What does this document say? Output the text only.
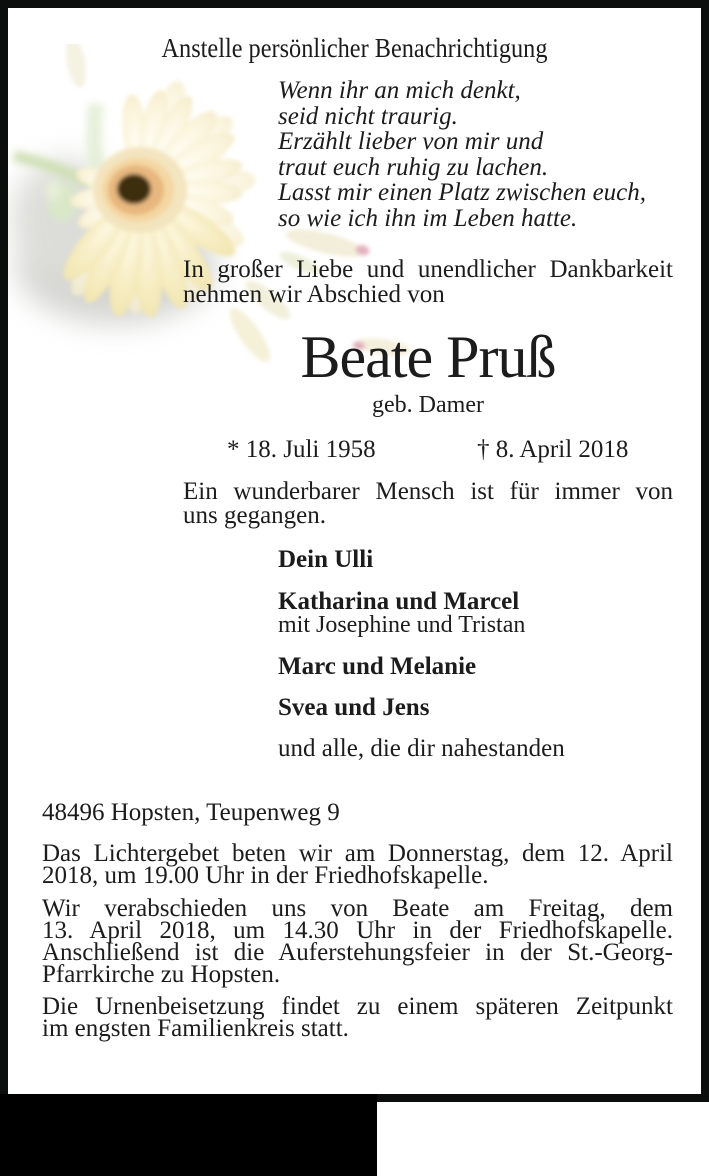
Anstelle persönlicher Benachrichtigung
Wenn ihr an mich denkt,
seid nicht traurig.
Erzählt lieber von mir und
traut euch ruhig zu lachen.
Lasst mir einen Platz zwischen euch,
so wie ich ihn im Leben hatte.
In großer Liebe und unendlicher Dankbarkeit
nehmen wir Abschied von
Beate Pruß
geb. Damer
* 18. Juli 1958	† 8. April 2018
Ein wunderbarer Mensch ist für immer von
uns gegangen.
Dein Ulli
Katharina und Marcel
mit Josephine und Tristan
Marc und Melanie
Svea und Jens
und alle, die dir nahestanden
48496 Hopsten, Teupenweg 9
Das Lichtergebet beten wir am Donnerstag, dem 12. April
2018, um 19.00 Uhr in der Friedhofskapelle.
Wir verabschieden uns von Beate am Freitag, dem
13. April 2018, um 14.30 Uhr in der Friedhofskapelle.
Anschließend ist die Auferstehungsfeier in der St.-Georg-
Pfarrkirche zu Hopsten.
Die Urnenbeisetzung findet zu einem späteren Zeitpunkt
im engsten Familienkreis statt.
